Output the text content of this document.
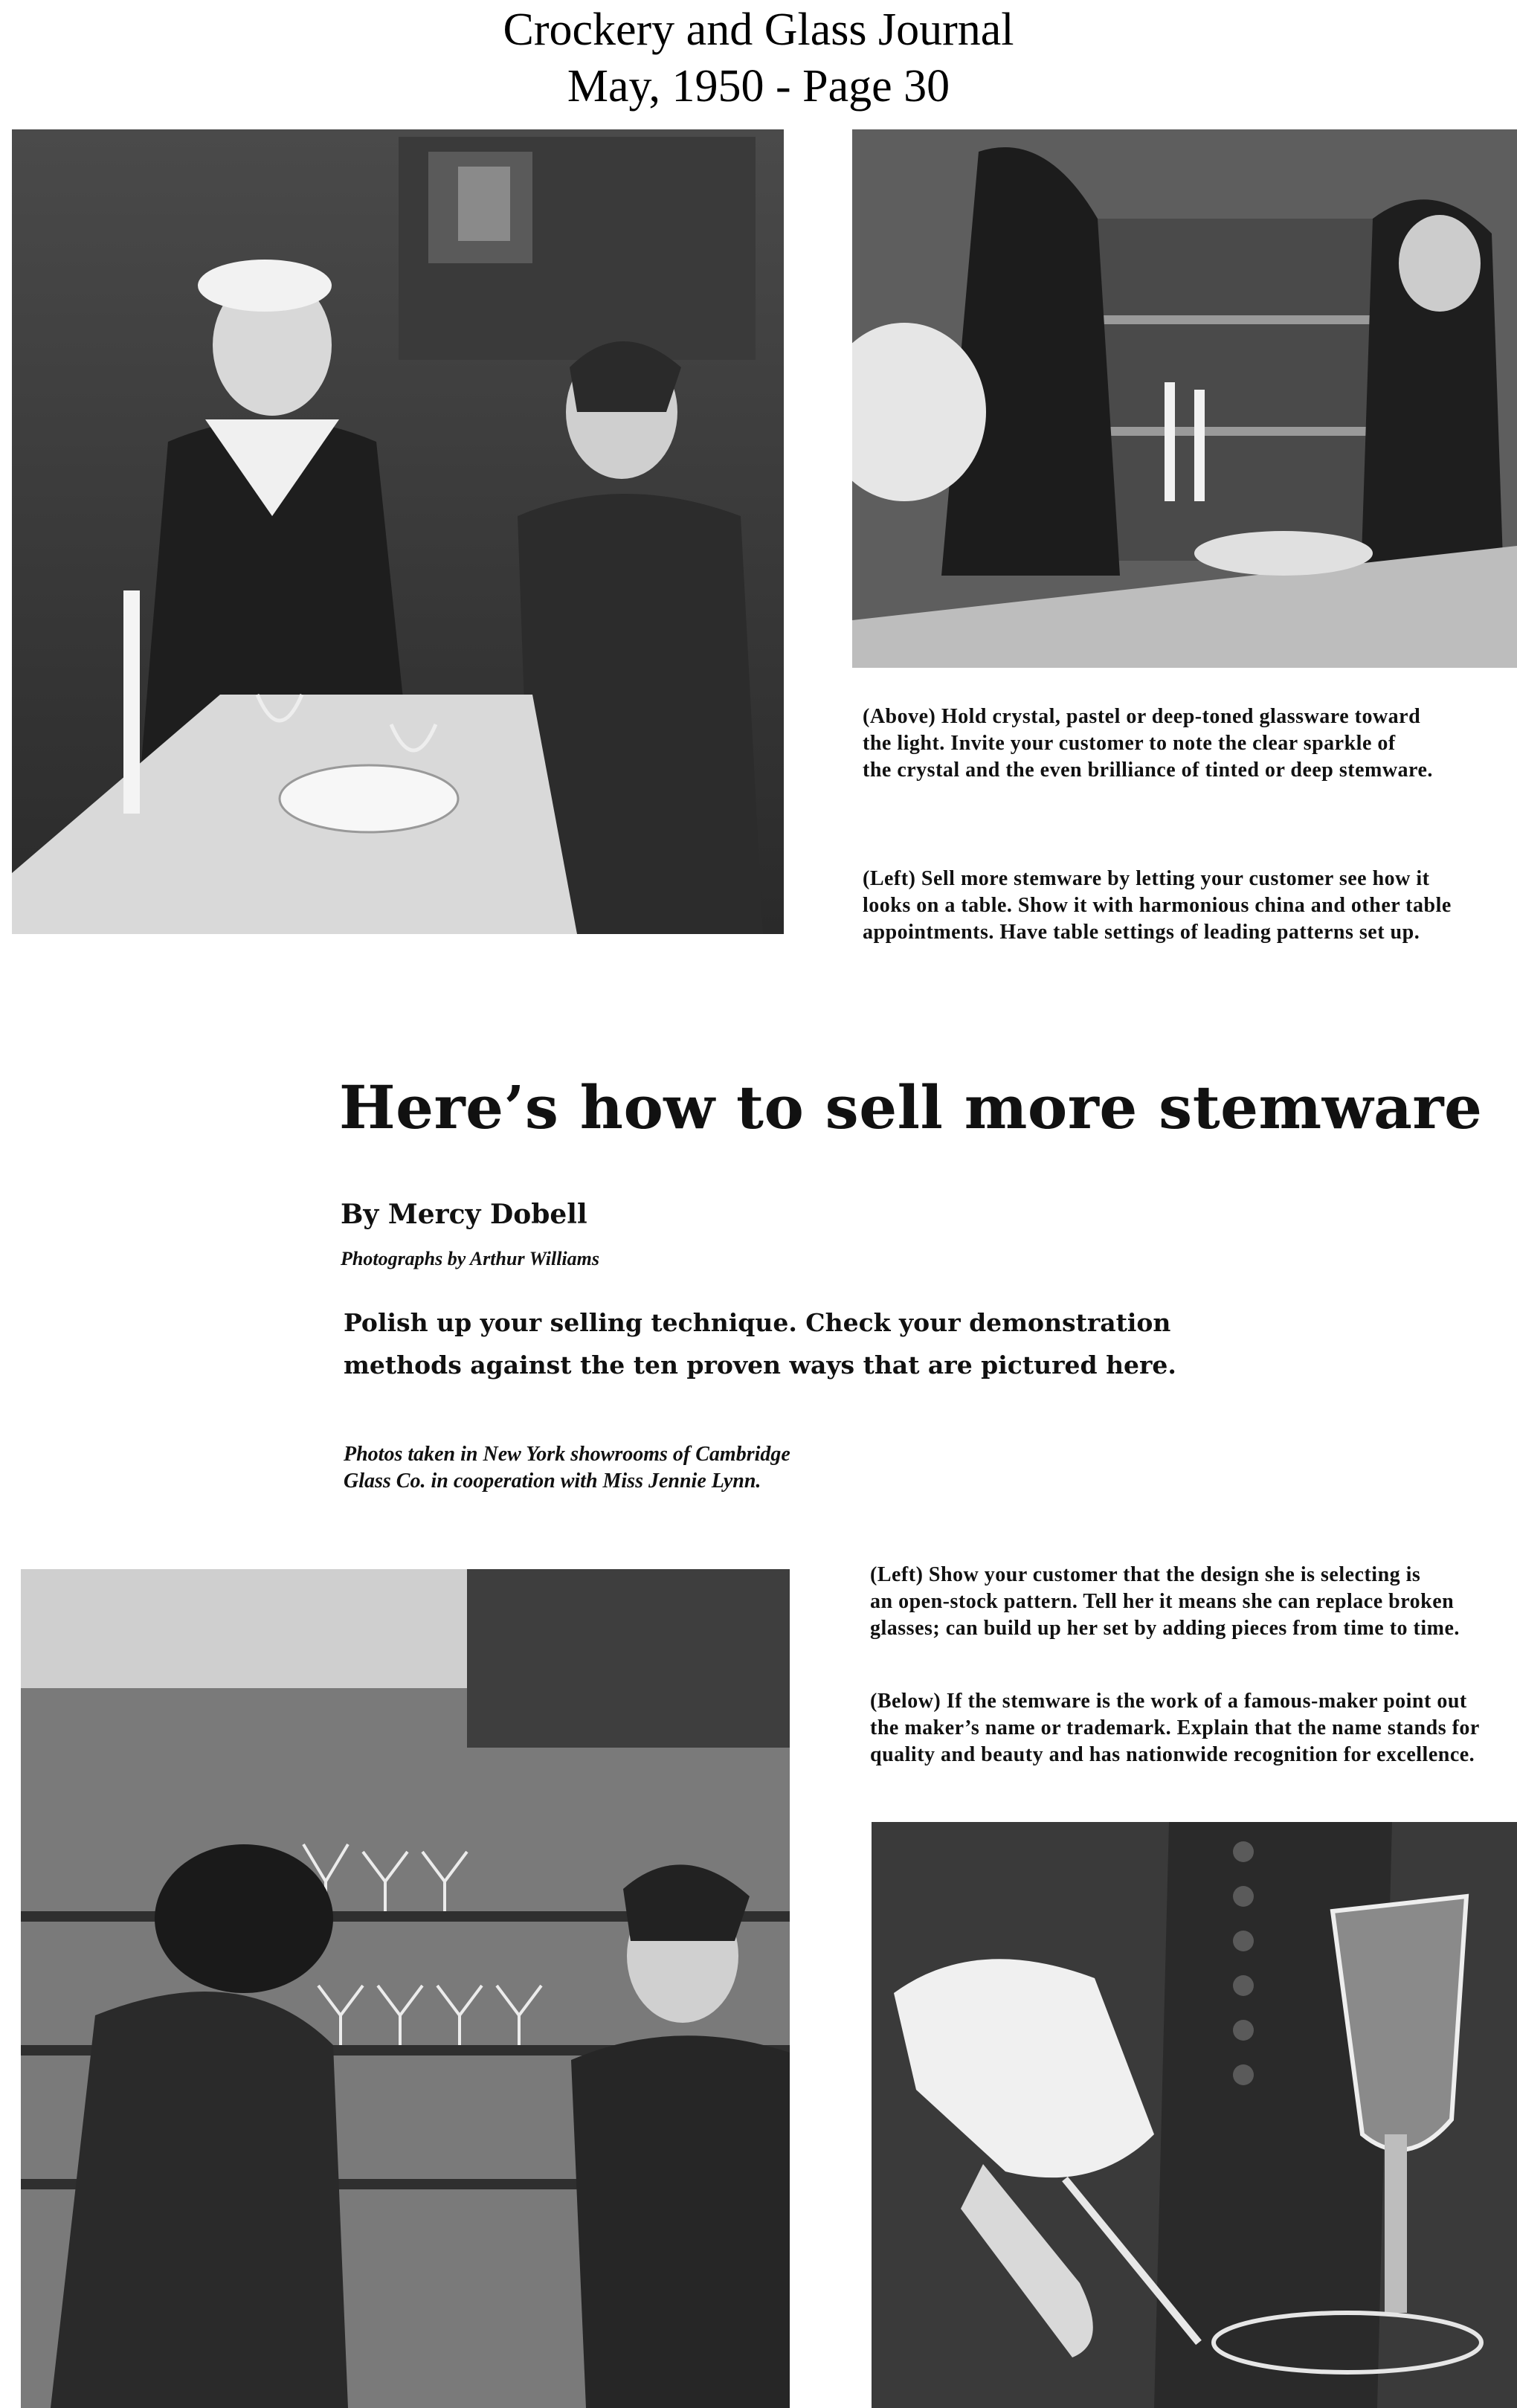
Crockery and Glass Journal
May, 1950 - Page 30
(Above) Hold crystal, pastel or deep-toned glassware toward
the light. Invite your customer to note the clear sparkle of
the crystal and the even brilliance of tinted or deep stemware.
(Left) Sell more stemware by letting your customer see how it
looks on a table. Show it with harmonious china and other table
appointments. Have table settings of leading patterns set up.
Here’s how to sell more stemware
By Mercy Dobell
Photographs by Arthur Williams
Polish up your selling technique. Check your demonstration
methods against the ten proven ways that are pictured here.
Photos taken in New York showrooms of Cambridge
Glass Co. in cooperation with Miss Jennie Lynn.
(Left) Show your customer that the design she is selecting is
an open-stock pattern. Tell her it means she can replace broken
glasses; can build up her set by adding pieces from time to time.
(Below) If the stemware is the work of a famous-maker point out
the maker’s name or trademark. Explain that the name stands for
quality and beauty and has nationwide recognition for excellence.
